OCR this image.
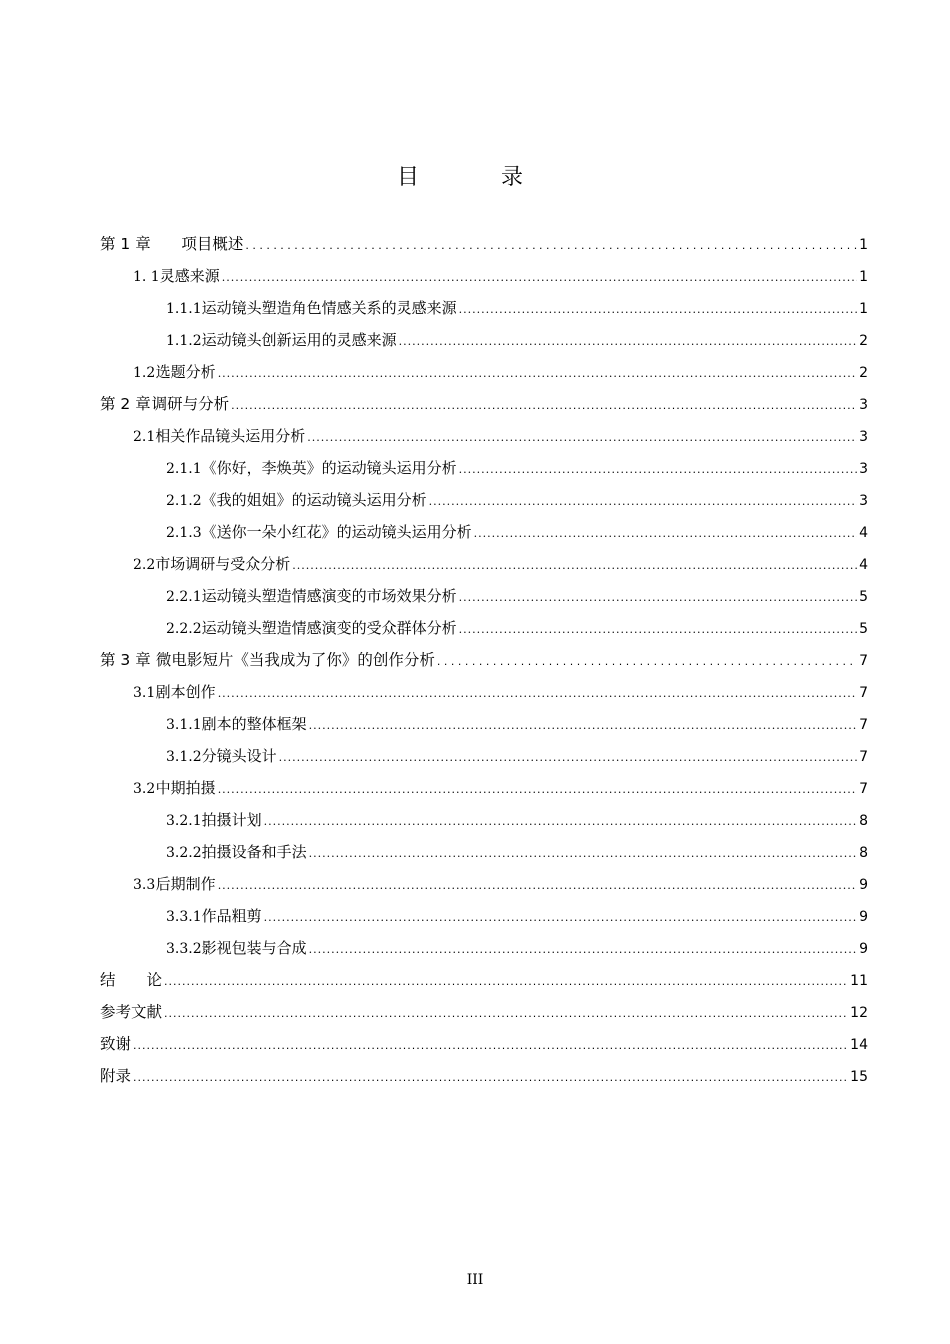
目　录
第 1 章	项目概述 . . .	1
1. 1 灵感来源 .....	1
1.1.1 运动镜头塑造角色情感关系的灵感来源 .....	1
1.1.2 运动镜头创新运用的灵感来源 .....	2
1.2 选题分析 .....	2
第 2 章 调研与分析 .....	3
2.1 相关作品镜头运用分析 .....	3
2.1.1 《你好，李焕英》的运动镜头运用分析 .....	3
2.1.2 《我的姐姐》的运动镜头运用分析 .....	3
2.1.3 《送你一朵小红花》的运动镜头运用分析 .....	4
2.2 市场调研与受众分析 .....	4
2.2.1 运动镜头塑造情感演变的市场效果分析 .....	5
2.2.2 运动镜头塑造情感演变的受众群体分析 .....	5
第 3 章 微电影短片《当我成为了你》的创作分析 . . .	7
3.1 剧本创作 .....	7
3.1.1 剧本的整体框架 .....	7
3.1.2 分镜头设计 .....	7
3.2 中期拍摄 .....	7
3.2.1 拍摄计划 .....	8
3.2.2 拍摄设备和手法 .....	8
3.3 后期制作 .....	9
3.3.1 作品粗剪 .....	9
3.3.2 影视包装与合成 .....	9
结　　论 .....	11
参考文献 .....	12
致谢 .....	14
附录 .....	15
III
